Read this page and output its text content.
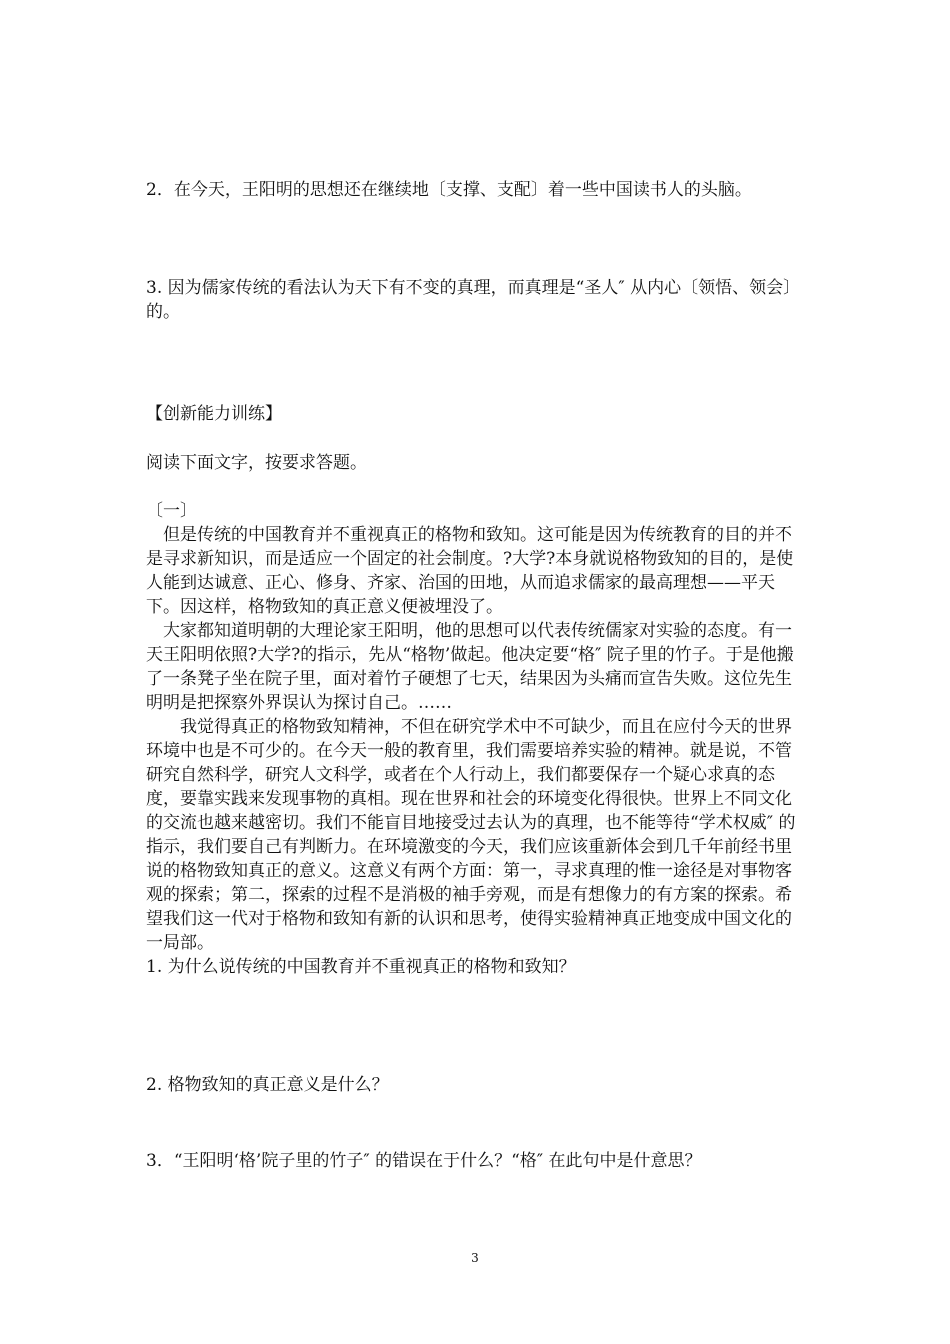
2．在今天，王阳明的思想还在继续地〔支撑、支配〕着一些中国读书人的头脑。

3. 因为儒家传统的看法认为天下有不变的真理，而真理是“圣人″ 从内心〔领悟、领会〕的。

【创新能力训练】

阅读下面文字，按要求答题。

〔一〕

但是传统的中国教育并不重视真正的格物和致知。这可能是因为传统教育的目的并不是寻求新知识，而是适应一个固定的社会制度。?大学?本身就说格物致知的目的，是使人能到达诚意、正心、修身、齐家、治国的田地，从而追求儒家的最高理想——平天下。因这样，格物致知的真正意义便被埋没了。

大家都知道明朝的大理论家王阳明，他的思想可以代表传统儒家对实验的态度。有一天王阳明依照?大学?的指示，先从“格物’做起。他决定要“格″ 院子里的竹子。于是他搬了一条凳子坐在院子里，面对着竹子硬想了七天，结果因为头痛而宣告失败。这位先生明明是把探察外界误认为探讨自己。……

我觉得真正的格物致知精神，不但在研究学术中不可缺少，而且在应付今天的世界环境中也是不可少的。在今天一般的教育里，我们需要培养实验的精神。就是说，不管研究自然科学，研究人文科学，或者在个人行动上，我们都要保存一个疑心求真的态度，要靠实践来发现事物的真相。现在世界和社会的环境变化得很快。世界上不同文化的交流也越来越密切。我们不能盲目地接受过去认为的真理，也不能等待“学术权威″ 的指示，我们要自己有判断力。在环境激变的今天，我们应该重新体会到几千年前经书里说的格物致知真正的意义。这意义有两个方面：第一，寻求真理的惟一途径是对事物客观的探索；第二，探索的过程不是消极的袖手旁观，而是有想像力的有方案的探索。希望我们这一代对于格物和致知有新的认识和思考，使得实验精神真正地变成中国文化的一局部。

1. 为什么说传统的中国教育并不重视真正的格物和致知？

2. 格物致知的真正意义是什么？

3．“王阳明‘格’院子里的竹子″ 的错误在于什么？“格″ 在此句中是什意思？

3
